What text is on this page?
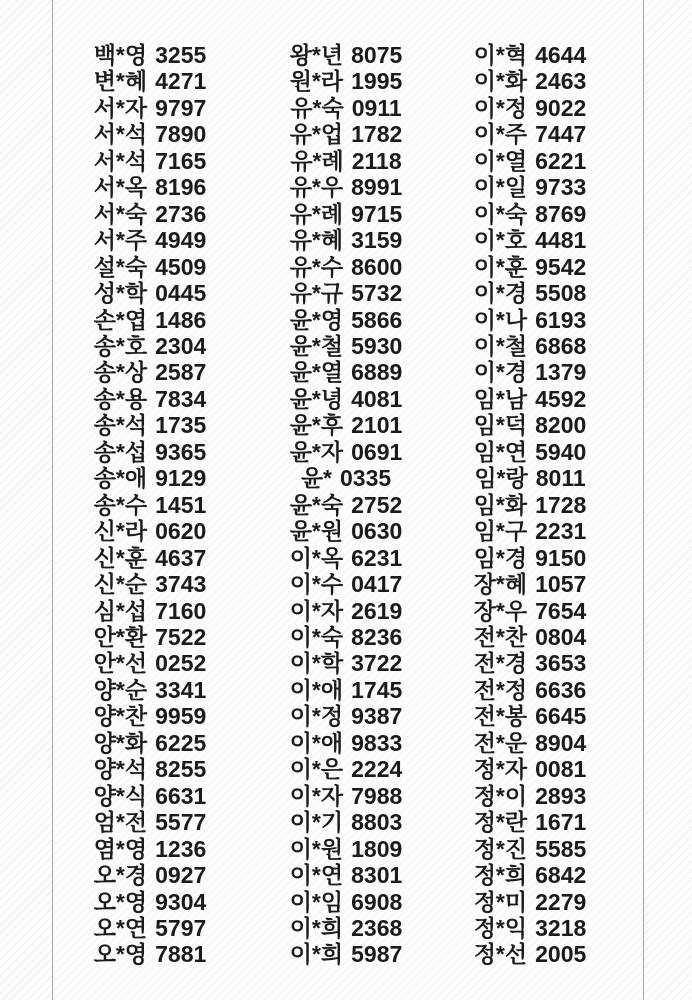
백*영 3255
변*혜 4271
서*자 9797
서*석 7890
서*석 7165
서*옥 8196
서*숙 2736
서*주 4949
설*숙 4509
성*학 0445
손*엽 1486
송*호 2304
송*상 2587
송*용 7834
송*석 1735
송*섭 9365
송*애 9129
송*수 1451
신*라 0620
신*훈 4637
신*순 3743
심*섭 7160
안*환 7522
안*선 0252
양*순 3341
양*찬 9959
양*화 6225
양*석 8255
양*식 6631
엄*전 5577
염*영 1236
오*경 0927
오*영 9304
오*연 5797
오*영 7881
왕*년 8075
원*라 1995
유*숙 0911
유*업 1782
유*례 2118
유*우 8991
유*례 9715
유*혜 3159
유*수 8600
유*규 5732
윤*영 5866
윤*철 5930
윤*열 6889
윤*녕 4081
윤*후 2101
윤*자 0691
윤* 0335
윤*숙 2752
윤*원 0630
이*옥 6231
이*수 0417
이*자 2619
이*숙 8236
이*학 3722
이*애 1745
이*정 9387
이*애 9833
이*은 2224
이*자 7988
이*기 8803
이*원 1809
이*연 8301
이*임 6908
이*희 2368
이*희 5987
이*혁 4644
이*화 2463
이*정 9022
이*주 7447
이*열 6221
이*일 9733
이*숙 8769
이*호 4481
이*훈 9542
이*경 5508
이*나 6193
이*철 6868
이*경 1379
임*남 4592
임*덕 8200
임*연 5940
임*랑 8011
임*화 1728
임*구 2231
임*경 9150
장*혜 1057
장*우 7654
전*찬 0804
전*경 3653
전*정 6636
전*봉 6645
전*운 8904
정*자 0081
정*이 2893
정*란 1671
정*진 5585
정*희 6842
정*미 2279
정*익 3218
정*선 2005
